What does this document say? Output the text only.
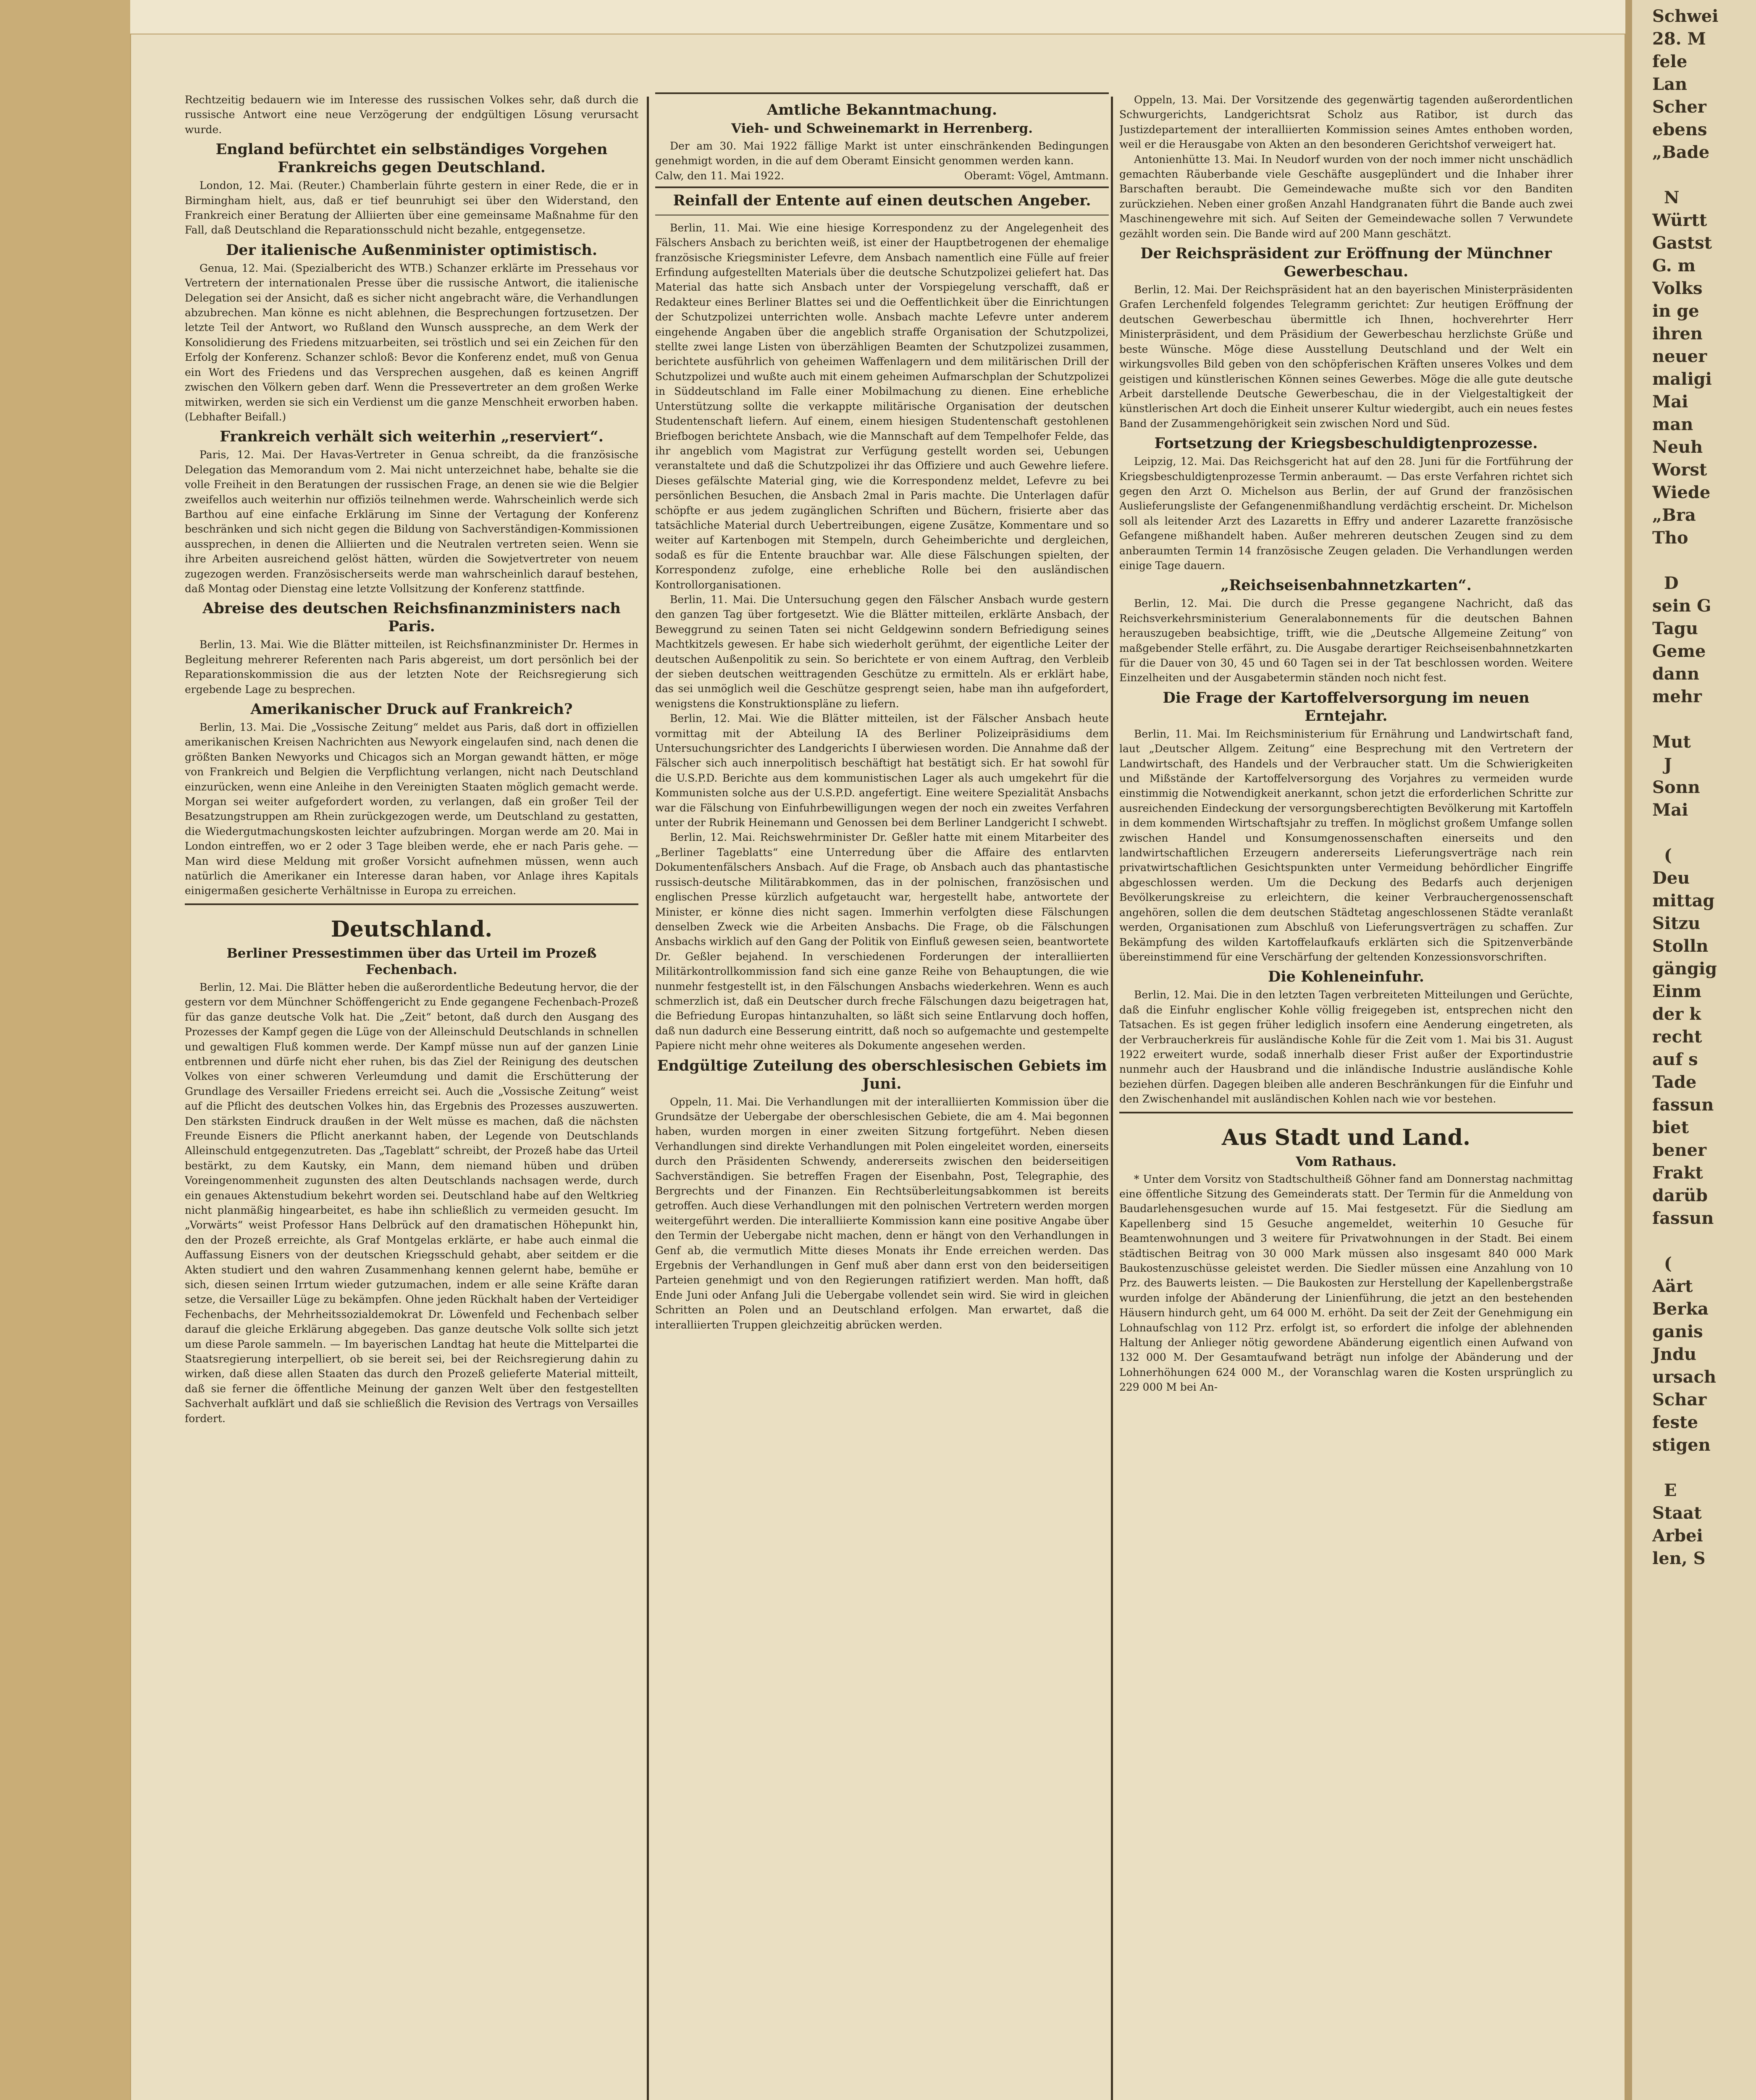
Schwei
28. M
fele
Lan
Scher
ebens
„Bade

N
Württ
Gastst
G. m
Volks
in ge
ihren
neuer
maligi
Mai
man
Neuh
Worst
Wiede
„Bra
Tho

D
sein G
Tagu
Geme
dann
mehr

Mut
J
Sonn
Mai

(
Deu
mittag
Sitzu
Stolln
gängig
Einm
der k
recht
auf s
Tade
fassun
biet
bener
Frakt
darüb
fassun

(
Aärt
Berka
ganis
Jndu
ursach
Schar
feste
stigen

E
Staat
Arbei
len, S

Rechtzeitig bedauern wie im Interesse des russischen Volkes sehr, daß durch die russische Antwort eine neue Verzögerung der endgültigen Lösung verursacht wurde.

England befürchtet ein selbständiges Vorgehen Frankreichs gegen Deutschland.

London, 12. Mai. (Reuter.) Chamberlain führte gestern in einer Rede, die er in Birmingham hielt, aus, daß er tief beunruhigt sei über den Widerstand, den Frankreich einer Beratung der Alliierten über eine gemeinsame Maßnahme für den Fall, daß Deutschland die Reparationsschuld nicht bezahle, entgegensetze.

Der italienische Außenminister optimistisch.

Genua, 12. Mai. (Spezialbericht des WTB.) Schanzer erklärte im Pressehaus vor Vertretern der internationalen Presse über die russische Antwort, die italienische Delegation sei der Ansicht, daß es sicher nicht angebracht wäre, die Verhandlungen abzubrechen. Man könne es nicht ablehnen, die Besprechungen fortzusetzen. Der letzte Teil der Antwort, wo Rußland den Wunsch ausspreche, an dem Werk der Konsolidierung des Friedens mitzuarbeiten, sei tröstlich und sei ein Zeichen für den Erfolg der Konferenz. Schanzer schloß: Bevor die Konferenz endet, muß von Genua ein Wort des Friedens und das Versprechen ausgehen, daß es keinen Angriff zwischen den Völkern geben darf. Wenn die Pressevertreter an dem großen Werke mitwirken, werden sie sich ein Verdienst um die ganze Menschheit erworben haben. (Lebhafter Beifall.)

Frankreich verhält sich weiterhin „reserviert“.

Paris, 12. Mai. Der Havas-Vertreter in Genua schreibt, da die französische Delegation das Memorandum vom 2. Mai nicht unterzeichnet habe, behalte sie die volle Freiheit in den Beratungen der russischen Frage, an denen sie wie die Belgier zweifellos auch weiterhin nur offiziös teilnehmen werde. Wahrscheinlich werde sich Barthou auf eine einfache Erklärung im Sinne der Vertagung der Konferenz beschränken und sich nicht gegen die Bildung von Sachverständigen-Kommissionen aussprechen, in denen die Alliierten und die Neutralen vertreten seien. Wenn sie ihre Arbeiten ausreichend gelöst hätten, würden die Sowjetvertreter von neuem zugezogen werden. Französischerseits werde man wahrscheinlich darauf bestehen, daß Montag oder Dienstag eine letzte Vollsitzung der Konferenz stattfinde.

Abreise des deutschen Reichsfinanzministers nach Paris.

Berlin, 13. Mai. Wie die Blätter mitteilen, ist Reichsfinanzminister Dr. Hermes in Begleitung mehrerer Referenten nach Paris abgereist, um dort persönlich bei der Reparationskommission die aus der letzten Note der Reichsregierung sich ergebende Lage zu besprechen.

Amerikanischer Druck auf Frankreich?

Berlin, 13. Mai. Die „Vossische Zeitung“ meldet aus Paris, daß dort in offiziellen amerikanischen Kreisen Nachrichten aus Newyork eingelaufen sind, nach denen die größten Banken Newyorks und Chicagos sich an Morgan gewandt hätten, er möge von Frankreich und Belgien die Verpflichtung verlangen, nicht nach Deutschland einzurücken, wenn eine Anleihe in den Vereinigten Staaten möglich gemacht werde. Morgan sei weiter aufgefordert worden, zu verlangen, daß ein großer Teil der Besatzungstruppen am Rhein zurückgezogen werde, um Deutschland zu gestatten, die Wiedergutmachungskosten leichter aufzubringen. Morgan werde am 20. Mai in London eintreffen, wo er 2 oder 3 Tage bleiben werde, ehe er nach Paris gehe. — Man wird diese Meldung mit großer Vorsicht aufnehmen müssen, wenn auch natürlich die Amerikaner ein Interesse daran haben, vor Anlage ihres Kapitals einigermaßen gesicherte Verhältnisse in Europa zu erreichen.

Deutschland.
Berliner Pressestimmen über das Urteil im Prozeß Fechenbach.

Berlin, 12. Mai. Die Blätter heben die außerordentliche Bedeutung hervor, die der gestern vor dem Münchner Schöffengericht zu Ende gegangene Fechenbach-Prozeß für das ganze deutsche Volk hat. Die „Zeit“ betont, daß durch den Ausgang des Prozesses der Kampf gegen die Lüge von der Alleinschuld Deutschlands in schnellen und gewaltigen Fluß kommen werde. Der Kampf müsse nun auf der ganzen Linie entbrennen und dürfe nicht eher ruhen, bis das Ziel der Reinigung des deutschen Volkes von einer schweren Verleumdung und damit die Erschütterung der Grundlage des Versailler Friedens erreicht sei. Auch die „Vossische Zeitung“ weist auf die Pflicht des deutschen Volkes hin, das Ergebnis des Prozesses auszuwerten. Den stärksten Eindruck draußen in der Welt müsse es machen, daß die nächsten Freunde Eisners die Pflicht anerkannt haben, der Legende von Deutschlands Alleinschuld entgegenzutreten. Das „Tageblatt“ schreibt, der Prozeß habe das Urteil bestärkt, zu dem Kautsky, ein Mann, dem niemand hüben und drüben Voreingenommenheit zugunsten des alten Deutschlands nachsagen werde, durch ein genaues Aktenstudium bekehrt worden sei. Deutschland habe auf den Weltkrieg nicht planmäßig hingearbeitet, es habe ihn schließlich zu vermeiden gesucht. Im „Vorwärts“ weist Professor Hans Delbrück auf den dramatischen Höhepunkt hin, den der Prozeß erreichte, als Graf Montgelas erklärte, er habe auch einmal die Auffassung Eisners von der deutschen Kriegsschuld gehabt, aber seitdem er die Akten studiert und den wahren Zusammenhang kennen gelernt habe, bemühe er sich, diesen seinen Irrtum wieder gutzumachen, indem er alle seine Kräfte daran setze, die Versailler Lüge zu bekämpfen. Ohne jeden Rückhalt haben der Verteidiger Fechenbachs, der Mehrheitssozialdemokrat Dr. Löwenfeld und Fechenbach selber darauf die gleiche Erklärung abgegeben. Das ganze deutsche Volk sollte sich jetzt um diese Parole sammeln. — Im bayerischen Landtag hat heute die Mittelpartei die Staatsregierung interpelliert, ob sie bereit sei, bei der Reichsregierung dahin zu wirken, daß diese allen Staaten das durch den Prozeß gelieferte Material mitteilt, daß sie ferner die öffentliche Meinung der ganzen Welt über den festgestellten Sachverhalt aufklärt und daß sie schließlich die Revision des Vertrags von Versailles fordert.

Amtliche Bekanntmachung.
Vieh- und Schweinemarkt in Herrenberg.

Der am 30. Mai 1922 fällige Markt ist unter einschränkenden Bedingungen genehmigt worden, in die auf dem Oberamt Einsicht genommen werden kann.

Calw, den 11. Mai 1922.	Oberamt: Vögel, Amtmann.
Reinfall der Entente auf einen deutschen Angeber.

Berlin, 11. Mai. Wie eine hiesige Korrespondenz zu der Angelegenheit des Fälschers Ansbach zu berichten weiß, ist einer der Hauptbetrogenen der ehemalige französische Kriegsminister Lefevre, dem Ansbach namentlich eine Fülle auf freier Erfindung aufgestellten Materials über die deutsche Schutzpolizei geliefert hat. Das Material das hatte sich Ansbach unter der Vorspiegelung verschafft, daß er Redakteur eines Berliner Blattes sei und die Oeffentlichkeit über die Einrichtungen der Schutzpolizei unterrichten wolle. Ansbach machte Lefevre unter anderem eingehende Angaben über die angeblich straffe Organisation der Schutzpolizei, stellte zwei lange Listen von überzähligen Beamten der Schutzpolizei zusammen, berichtete ausführlich von geheimen Waffenlagern und dem militärischen Drill der Schutzpolizei und wußte auch mit einem geheimen Aufmarschplan der Schutzpolizei in Süddeutschland im Falle einer Mobilmachung zu dienen. Eine erhebliche Unterstützung sollte die verkappte militärische Organisation der deutschen Studentenschaft liefern. Auf einem, einem hiesigen Studentenschaft gestohlenen Briefbogen berichtete Ansbach, wie die Mannschaft auf dem Tempelhofer Felde, das ihr angeblich vom Magistrat zur Verfügung gestellt worden sei, Uebungen veranstaltete und daß die Schutzpolizei ihr das Offiziere und auch Gewehre liefere. Dieses gefälschte Material ging, wie die Korrespondenz meldet, Lefevre zu bei persönlichen Besuchen, die Ansbach 2mal in Paris machte. Die Unterlagen dafür schöpfte er aus jedem zugänglichen Schriften und Büchern, frisierte aber das tatsächliche Material durch Uebertreibungen, eigene Zusätze, Kommentare und so weiter auf Kartenbogen mit Stempeln, durch Geheimberichte und dergleichen, sodaß es für die Entente brauchbar war. Alle diese Fälschungen spielten, der Korrespondenz zufolge, eine erhebliche Rolle bei den ausländischen Kontrollorganisationen.

Berlin, 11. Mai. Die Untersuchung gegen den Fälscher Ansbach wurde gestern den ganzen Tag über fortgesetzt. Wie die Blätter mitteilen, erklärte Ansbach, der Beweggrund zu seinen Taten sei nicht Geldgewinn sondern Befriedigung seines Machtkitzels gewesen. Er habe sich wiederholt gerühmt, der eigentliche Leiter der deutschen Außenpolitik zu sein. So berichtete er von einem Auftrag, den Verbleib der sieben deutschen weittragenden Geschütze zu ermitteln. Als er erklärt habe, das sei unmöglich weil die Geschütze gesprengt seien, habe man ihn aufgefordert, wenigstens die Konstruktionspläne zu liefern.

Berlin, 12. Mai. Wie die Blätter mitteilen, ist der Fälscher Ansbach heute vormittag mit der Abteilung IA des Berliner Polizeipräsidiums dem Untersuchungsrichter des Landgerichts I überwiesen worden. Die Annahme daß der Fälscher sich auch innerpolitisch beschäftigt hat bestätigt sich. Er hat sowohl für die U.S.P.D. Berichte aus dem kommunistischen Lager als auch umgekehrt für die Kommunisten solche aus der U.S.P.D. angefertigt. Eine weitere Spezialität Ansbachs war die Fälschung von Einfuhrbewilligungen wegen der noch ein zweites Verfahren unter der Rubrik Heinemann und Genossen bei dem Berliner Landgericht I schwebt.

Berlin, 12. Mai. Reichswehrminister Dr. Geßler hatte mit einem Mitarbeiter des „Berliner Tageblatts“ eine Unterredung über die Affaire des entlarvten Dokumentenfälschers Ansbach. Auf die Frage, ob Ansbach auch das phantastische russisch-deutsche Militärabkommen, das in der polnischen, französischen und englischen Presse kürzlich aufgetaucht war, hergestellt habe, antwortete der Minister, er könne dies nicht sagen. Immerhin verfolgten diese Fälschungen denselben Zweck wie die Arbeiten Ansbachs. Die Frage, ob die Fälschungen Ansbachs wirklich auf den Gang der Politik von Einfluß gewesen seien, beantwortete Dr. Geßler bejahend. In verschiedenen Forderungen der interalliierten Militärkontrollkommission fand sich eine ganze Reihe von Behauptungen, die wie nunmehr festgestellt ist, in den Fälschungen Ansbachs wiederkehren. Wenn es auch schmerzlich ist, daß ein Deutscher durch freche Fälschungen dazu beigetragen hat, die Befriedung Europas hintanzuhalten, so läßt sich seine Entlarvung doch hoffen, daß nun dadurch eine Besserung eintritt, daß noch so aufgemachte und gestempelte Papiere nicht mehr ohne weiteres als Dokumente angesehen werden.

Endgültige Zuteilung des oberschlesischen Gebiets im Juni.

Oppeln, 11. Mai. Die Verhandlungen mit der interalliierten Kommission über die Grundsätze der Uebergabe der oberschlesischen Gebiete, die am 4. Mai begonnen haben, wurden morgen in einer zweiten Sitzung fortgeführt. Neben diesen Verhandlungen sind direkte Verhandlungen mit Polen eingeleitet worden, einerseits durch den Präsidenten Schwendy, andererseits zwischen den beiderseitigen Sachverständigen. Sie betreffen Fragen der Eisenbahn, Post, Telegraphie, des Bergrechts und der Finanzen. Ein Rechtsüberleitungsabkommen ist bereits getroffen. Auch diese Verhandlungen mit den polnischen Vertretern werden morgen weitergeführt werden. Die interalliierte Kommission kann eine positive Angabe über den Termin der Uebergabe nicht machen, denn er hängt von den Verhandlungen in Genf ab, die vermutlich Mitte dieses Monats ihr Ende erreichen werden. Das Ergebnis der Verhandlungen in Genf muß aber dann erst von den beiderseitigen Parteien genehmigt und von den Regierungen ratifiziert werden. Man hofft, daß Ende Juni oder Anfang Juli die Uebergabe vollendet sein wird. Sie wird in gleichen Schritten an Polen und an Deutschland erfolgen. Man erwartet, daß die interalliierten Truppen gleichzeitig abrücken werden.

Oppeln, 13. Mai. Der Vorsitzende des gegenwärtig tagenden außerordentlichen Schwurgerichts, Landgerichtsrat Scholz aus Ratibor, ist durch das Justizdepartement der interalliierten Kommission seines Amtes enthoben worden, weil er die Herausgabe von Akten an den besonderen Gerichtshof verweigert hat.

Antonienhütte 13. Mai. In Neudorf wurden von der noch immer nicht unschädlich gemachten Räuberbande viele Geschäfte ausgeplündert und die Inhaber ihrer Barschaften beraubt. Die Gemeindewache mußte sich vor den Banditen zurückziehen. Neben einer großen Anzahl Handgranaten führt die Bande auch zwei Maschinengewehre mit sich. Auf Seiten der Gemeindewache sollen 7 Verwundete gezählt worden sein. Die Bande wird auf 200 Mann geschätzt.

Der Reichspräsident zur Eröffnung der Münchner Gewerbeschau.

Berlin, 12. Mai. Der Reichspräsident hat an den bayerischen Ministerpräsidenten Grafen Lerchenfeld folgendes Telegramm gerichtet: Zur heutigen Eröffnung der deutschen Gewerbeschau übermittle ich Ihnen, hochverehrter Herr Ministerpräsident, und dem Präsidium der Gewerbeschau herzlichste Grüße und beste Wünsche. Möge diese Ausstellung Deutschland und der Welt ein wirkungsvolles Bild geben von den schöpferischen Kräften unseres Volkes und dem geistigen und künstlerischen Können seines Gewerbes. Möge die alle gute deutsche Arbeit darstellende Deutsche Gewerbeschau, die in der Vielgestaltigkeit der künstlerischen Art doch die Einheit unserer Kultur wiedergibt, auch ein neues festes Band der Zusammengehörigkeit sein zwischen Nord und Süd.

Fortsetzung der Kriegsbeschuldigtenprozesse.

Leipzig, 12. Mai. Das Reichsgericht hat auf den 28. Juni für die Fortführung der Kriegsbeschuldigtenprozesse Termin anberaumt. — Das erste Verfahren richtet sich gegen den Arzt O. Michelson aus Berlin, der auf Grund der französischen Auslieferungsliste der Gefangenenmißhandlung verdächtig erscheint. Dr. Michelson soll als leitender Arzt des Lazaretts in Effry und anderer Lazarette französische Gefangene mißhandelt haben. Außer mehreren deutschen Zeugen sind zu dem anberaumten Termin 14 französische Zeugen geladen. Die Verhandlungen werden einige Tage dauern.

„Reichseisenbahnnetzkarten“.

Berlin, 12. Mai. Die durch die Presse gegangene Nachricht, daß das Reichsverkehrsministerium Generalabonnements für die deutschen Bahnen herauszugeben beabsichtige, trifft, wie die „Deutsche Allgemeine Zeitung“ von maßgebender Stelle erfährt, zu. Die Ausgabe derartiger Reichseisenbahnnetzkarten für die Dauer von 30, 45 und 60 Tagen sei in der Tat beschlossen worden. Weitere Einzelheiten und der Ausgabetermin ständen noch nicht fest.

Die Frage der Kartoffelversorgung im neuen Erntejahr.

Berlin, 11. Mai. Im Reichsministerium für Ernährung und Landwirtschaft fand, laut „Deutscher Allgem. Zeitung“ eine Besprechung mit den Vertretern der Landwirtschaft, des Handels und der Verbraucher statt. Um die Schwierigkeiten und Mißstände der Kartoffelversorgung des Vorjahres zu vermeiden wurde einstimmig die Notwendigkeit anerkannt, schon jetzt die erforderlichen Schritte zur ausreichenden Eindeckung der versorgungsberechtigten Bevölkerung mit Kartoffeln in dem kommenden Wirtschaftsjahr zu treffen. In möglichst großem Umfange sollen zwischen Handel und Konsumgenossenschaften einerseits und den landwirtschaftlichen Erzeugern andererseits Lieferungsverträge nach rein privatwirtschaftlichen Gesichtspunkten unter Vermeidung behördlicher Eingriffe abgeschlossen werden. Um die Deckung des Bedarfs auch derjenigen Bevölkerungskreise zu erleichtern, die keiner Verbrauchergenossenschaft angehören, sollen die dem deutschen Städtetag angeschlossenen Städte veranlaßt werden, Organisationen zum Abschluß von Lieferungsverträgen zu schaffen. Zur Bekämpfung des wilden Kartoffelaufkaufs erklärten sich die Spitzenverbände übereinstimmend für eine Verschärfung der geltenden Konzessionsvorschriften.

Die Kohleneinfuhr.

Berlin, 12. Mai. Die in den letzten Tagen verbreiteten Mitteilungen und Gerüchte, daß die Einfuhr englischer Kohle völlig freigegeben ist, entsprechen nicht den Tatsachen. Es ist gegen früher lediglich insofern eine Aenderung eingetreten, als der Verbraucherkreis für ausländische Kohle für die Zeit vom 1. Mai bis 31. August 1922 erweitert wurde, sodaß innerhalb dieser Frist außer der Exportindustrie nunmehr auch der Hausbrand und die inländische Industrie ausländische Kohle beziehen dürfen. Dagegen bleiben alle anderen Beschränkungen für die Einfuhr und den Zwischenhandel mit ausländischen Kohlen nach wie vor bestehen.

Aus Stadt und Land.
Vom Rathaus.

* Unter dem Vorsitz von Stadtschultheiß Göhner fand am Donnerstag nachmittag eine öffentliche Sitzung des Gemeinderats statt. Der Termin für die Anmeldung von Baudarlehensgesuchen wurde auf 15. Mai festgesetzt. Für die Siedlung am Kapellenberg sind 15 Gesuche angemeldet, weiterhin 10 Gesuche für Beamtenwohnungen und 3 weitere für Privatwohnungen in der Stadt. Bei einem städtischen Beitrag von 30 000 Mark müssen also insgesamt 840 000 Mark Baukostenzuschüsse geleistet werden. Die Siedler müssen eine Anzahlung von 10 Prz. des Bauwerts leisten. — Die Baukosten zur Herstellung der Kapellenbergstraße wurden infolge der Abänderung der Linienführung, die jetzt an den bestehenden Häusern hindurch geht, um 64 000 M. erhöht. Da seit der Zeit der Genehmigung ein Lohnaufschlag von 112 Prz. erfolgt ist, so erfordert die infolge der ablehnenden Haltung der Anlieger nötig gewordene Abänderung eigentlich einen Aufwand von 132 000 M. Der Gesamtaufwand beträgt nun infolge der Abänderung und der Lohnerhöhungen 624 000 M., der Voranschlag waren die Kosten ursprünglich zu 229 000 M bei An-
